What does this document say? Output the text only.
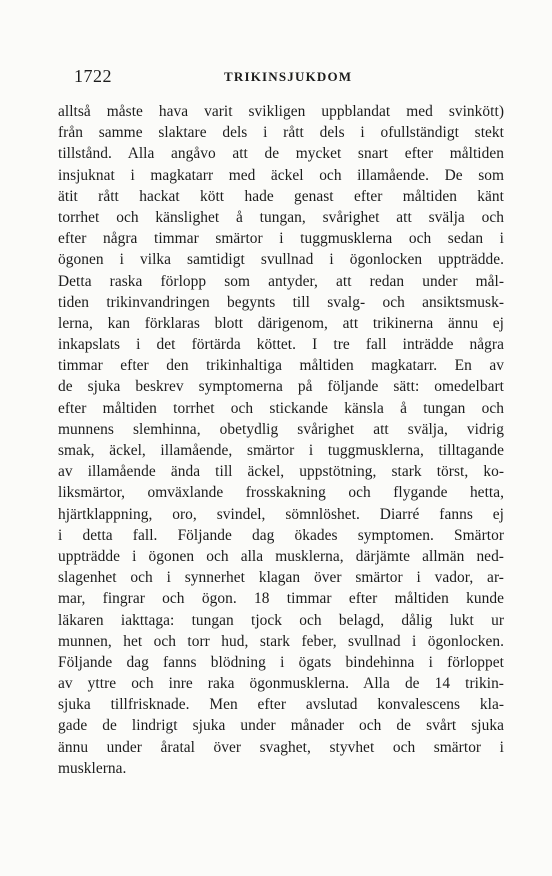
1722	TRIKINSJUKDOM
alltså måste hava varit svikligen uppblandat med svinkött)
från samme slaktare dels i rått dels i ofullständigt stekt
tillstånd. Alla angåvo att de mycket snart efter måltiden
insjuknat i magkatarr med äckel och illamående. De som
ätit rått hackat kött hade genast efter måltiden känt
torrhet och känslighet å tungan, svårighet att svälja och
efter några timmar smärtor i tuggmusklerna och sedan i
ögonen i vilka samtidigt svullnad i ögonlocken uppträdde.
Detta raska förlopp som antyder, att redan under mål-
tiden trikinvandringen begynts till svalg- och ansiktsmusk-
lerna, kan förklaras blott därigenom, att trikinerna ännu ej
inkapslats i det förtärda köttet. I tre fall inträdde några
timmar efter den trikinhaltiga måltiden magkatarr. En av
de sjuka beskrev symptomerna på följande sätt: omedelbart
efter måltiden torrhet och stickande känsla å tungan och
munnens slemhinna, obetydlig svårighet att svälja, vidrig
smak, äckel, illamående, smärtor i tuggmusklerna, tilltagande
av illamående ända till äckel, uppstötning, stark törst, ko-
liksmärtor, omväxlande frosskakning och flygande hetta,
hjärtklappning, oro, svindel, sömnlöshet. Diarré fanns ej
i detta fall. Följande dag ökades symptomen. Smärtor
uppträdde i ögonen och alla musklerna, därjämte allmän ned-
slagenhet och i synnerhet klagan över smärtor i vador, ar-
mar, fingrar och ögon. 18 timmar efter måltiden kunde
läkaren iakttaga: tungan tjock och belagd, dålig lukt ur
munnen, het och torr hud, stark feber, svullnad i ögonlocken.
Följande dag fanns blödning i ögats bindehinna i förloppet
av yttre och inre raka ögonmusklerna. Alla de 14 trikin-
sjuka tillfrisknade. Men efter avslutad konvalescens kla-
gade de lindrigt sjuka under månader och de svårt sjuka
ännu under åratal över svaghet, styvhet och smärtor i
musklerna.
